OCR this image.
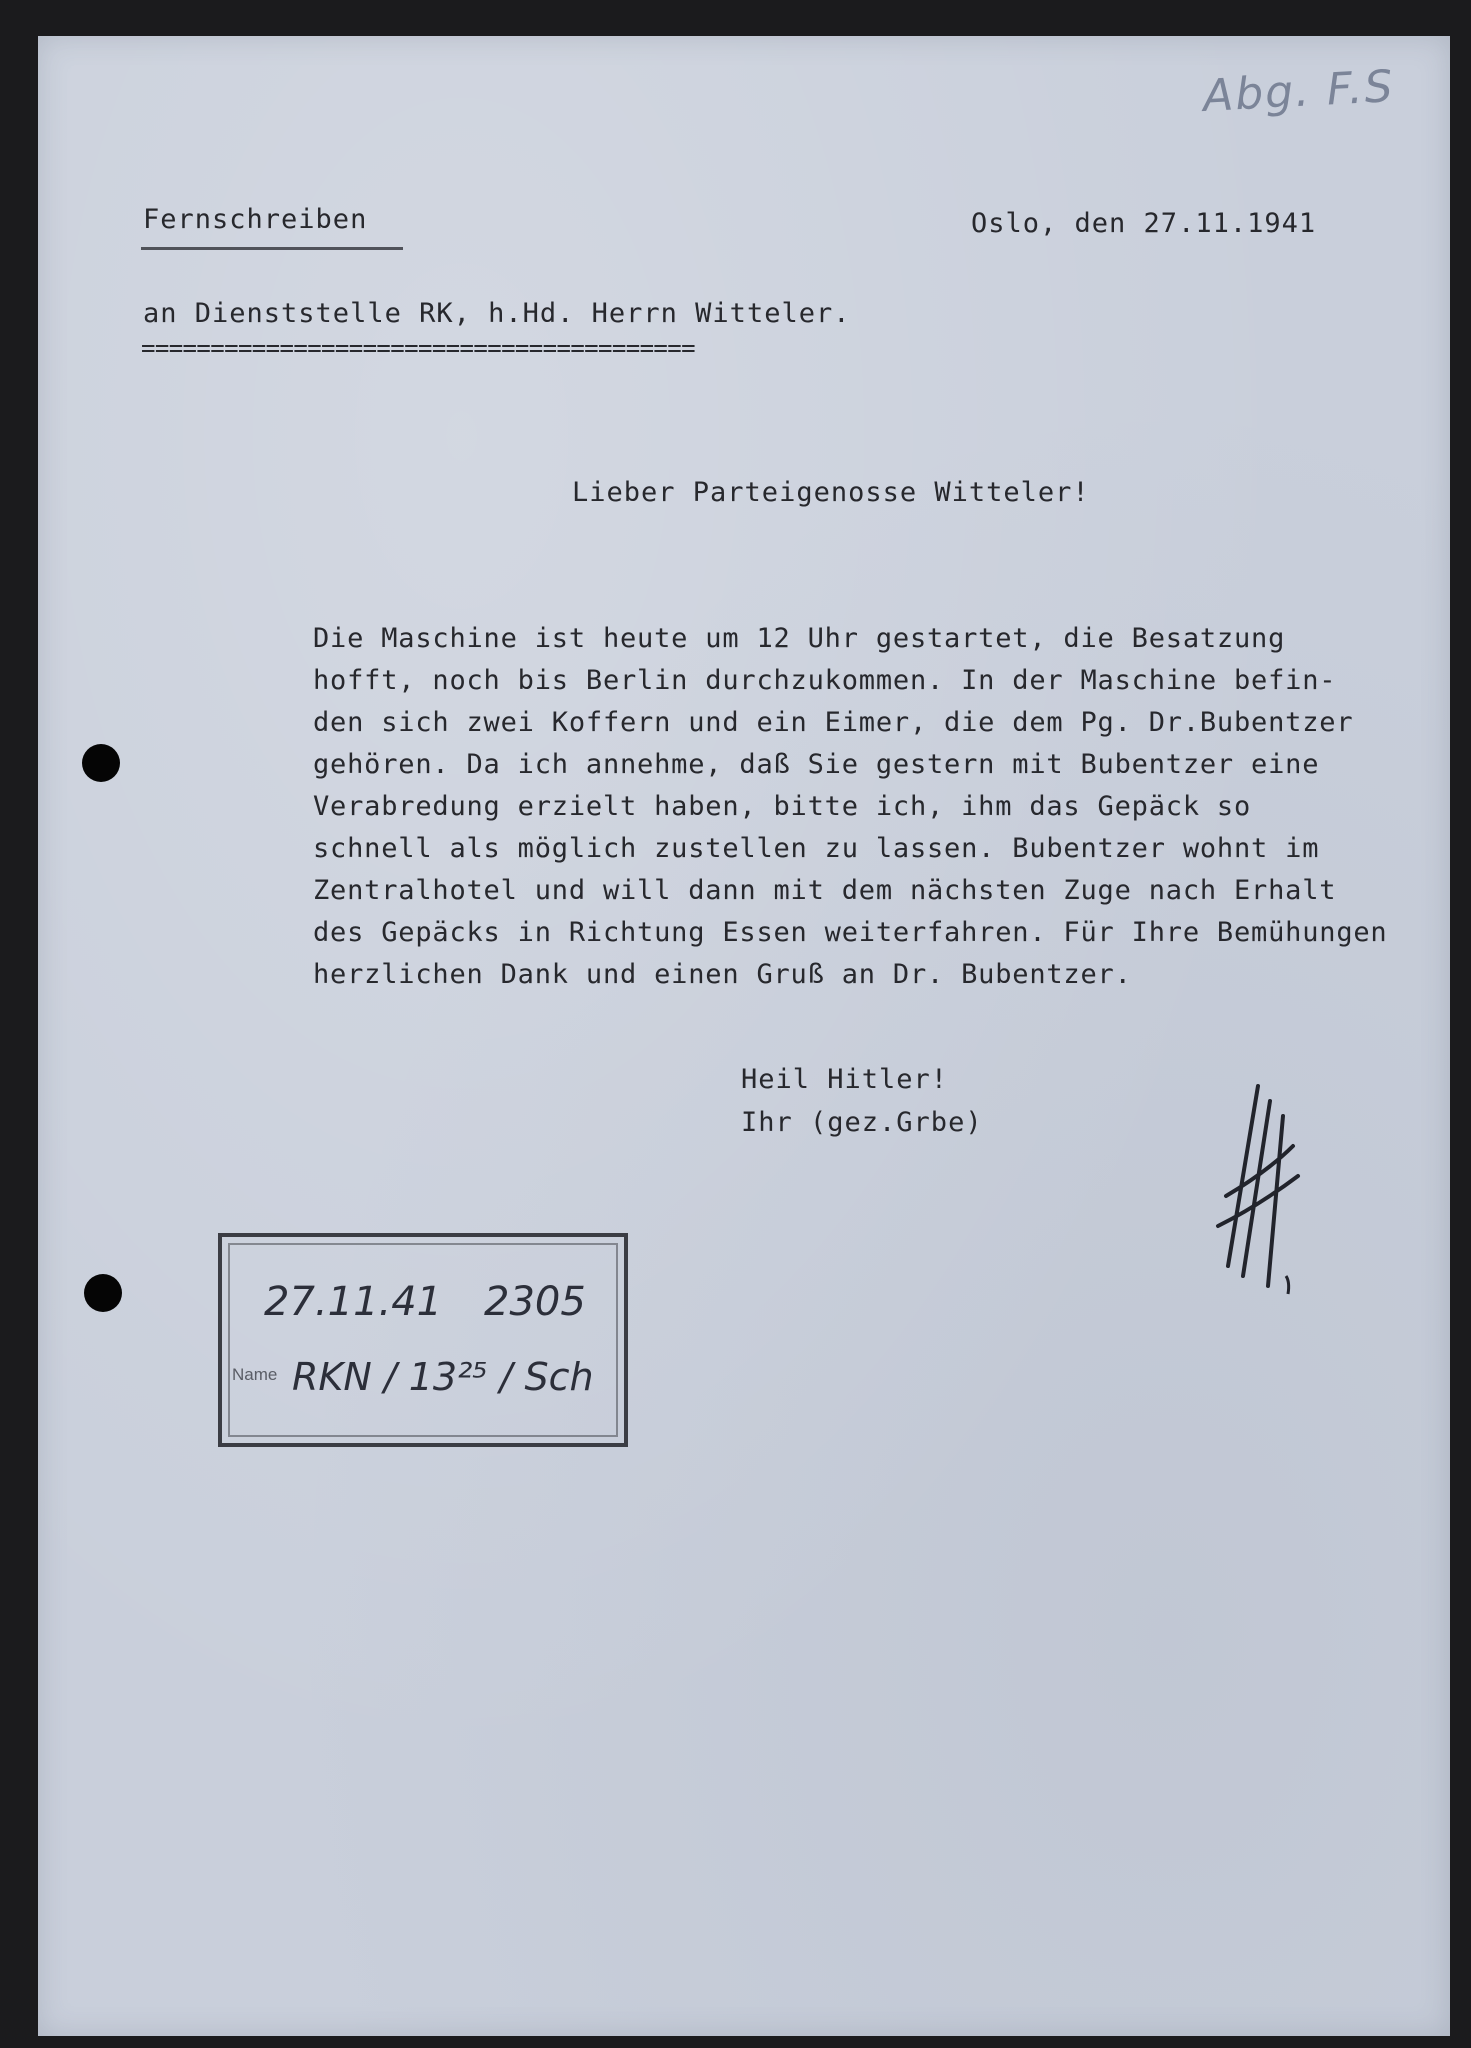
Abg. F.S

Fernschreiben	Oslo, den 27.11.1941

an Dienststelle RK, h.Hd. Herrn Witteler.

========================================

Lieber Parteigenosse Witteler!

Die Maschine ist heute um 12 Uhr gestartet, die Besatzung
hofft, noch bis Berlin durchzukommen. In der Maschine befin-
den sich zwei Koffern und ein Eimer, die dem Pg. Dr.Bubentzer
gehören. Da ich annehme, daß Sie gestern mit Bubentzer eine
Verabredung erzielt haben, bitte ich, ihm das Gepäck so
schnell als möglich zustellen zu lassen. Bubentzer wohnt im
Zentralhotel und will dann mit dem nächsten Zuge nach Erhalt
des Gepäcks in Richtung Essen weiterfahren. Für Ihre Bemühungen
herzlichen Dank und einen Gruß an Dr. Bubentzer.

Heil Hitler!

Ihr (gez.Grbe)

Name

27.11.41 2305

RKN / 13²⁵ / Sch
